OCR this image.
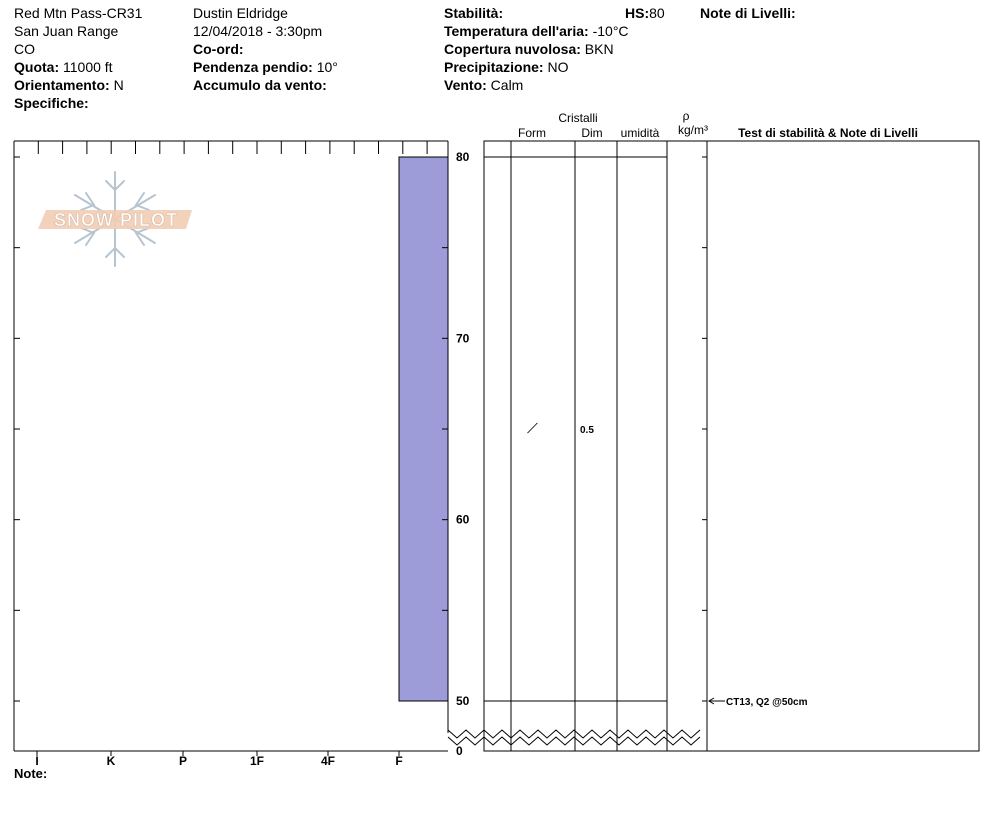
Red Mtn Pass-CR31
San Juan Range
CO
Quota: 11000 ft
Orientamento: N
Specifiche:
Dustin Eldridge
12/04/2018 - 3:30pm
Co-ord:
Pendenza pendio: 10°
Accumulo da vento:
Stabilità:	HS:80
Temperatura dell'aria: -10°C
Copertura nuvolosa: BKN
Precipitazione: NO
Vento: Calm
Note di Livelli:
SNOW PILOT
I	K	P	1F	4F	F
80
70
60
50
0
Cristalli
Form	Dim umidità
ρ
kg/m³	Test di stabilità & Note di Livelli
/	0.5
CT13, Q2 @50cm
Note:
